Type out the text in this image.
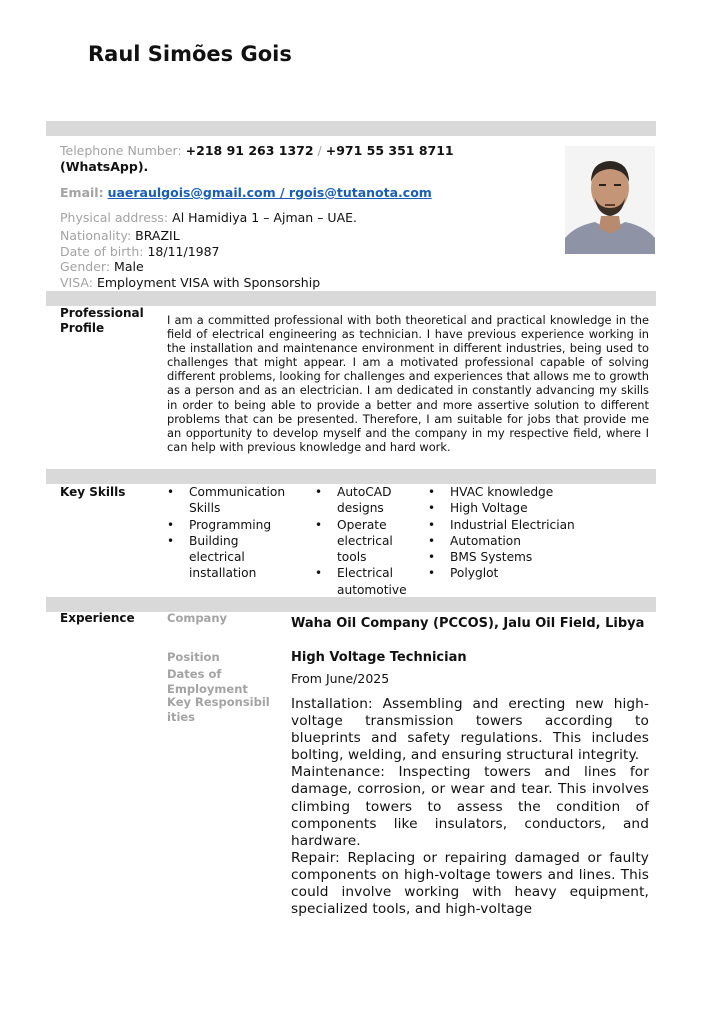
Raul Simões Gois
Telephone Number: +218 91 263 1372 / +971 55 351 8711
(WhatsApp).
Email: uaeraulgois@gmail.com / rgois@tutanota.com
Physical address: Al Hamidiya 1 – Ajman – UAE.
Nationality: BRAZIL
Date of birth: 18/11/1987
Gender: Male
VISA: Employment VISA with Sponsorship
Professional
Profile
I am a committed professional with both theoretical and practical knowledge in the field of electrical engineering as technician. I have previous experience working in the installation and maintenance environment in different industries, being used to challenges that might appear. I am a motivated professional capable of solving different problems, looking for challenges and experiences that allows me to growth as a person and as an electrician. I am dedicated in constantly advancing my skills in order to being able to provide a better and more assertive solution to different problems that can be presented. Therefore, I am suitable for jobs that provide me an opportunity to develop myself and the company in my respective field, where I can help with previous knowledge and hard work.
Key Skills
•	Communication Skills
• Programming
• Building electrical installation
• AutoCAD designs
• Operate electrical tools
• Electrical automotive
• HVAC knowledge
• High Voltage
• Industrial Electrician
• Automation
• BMS Systems
• Polyglot
Experience	Company	Waha Oil Company (PCCOS), Jalu Oil Field, Libya
Position	High Voltage Technician
Dates of Employment
From June/2025
Key Responsibilities

Installation: Assembling and erecting new high-voltage transmission towers according to blueprints and safety regulations. This includes bolting, welding, and ensuring structural integrity.

Maintenance: Inspecting towers and lines for damage, corrosion, or wear and tear. This involves climbing towers to assess the condition of components like insulators, conductors, and hardware.

Repair: Replacing or repairing damaged or faulty components on high-voltage towers and lines. This could involve working with heavy equipment, specialized tools, and high-voltage
